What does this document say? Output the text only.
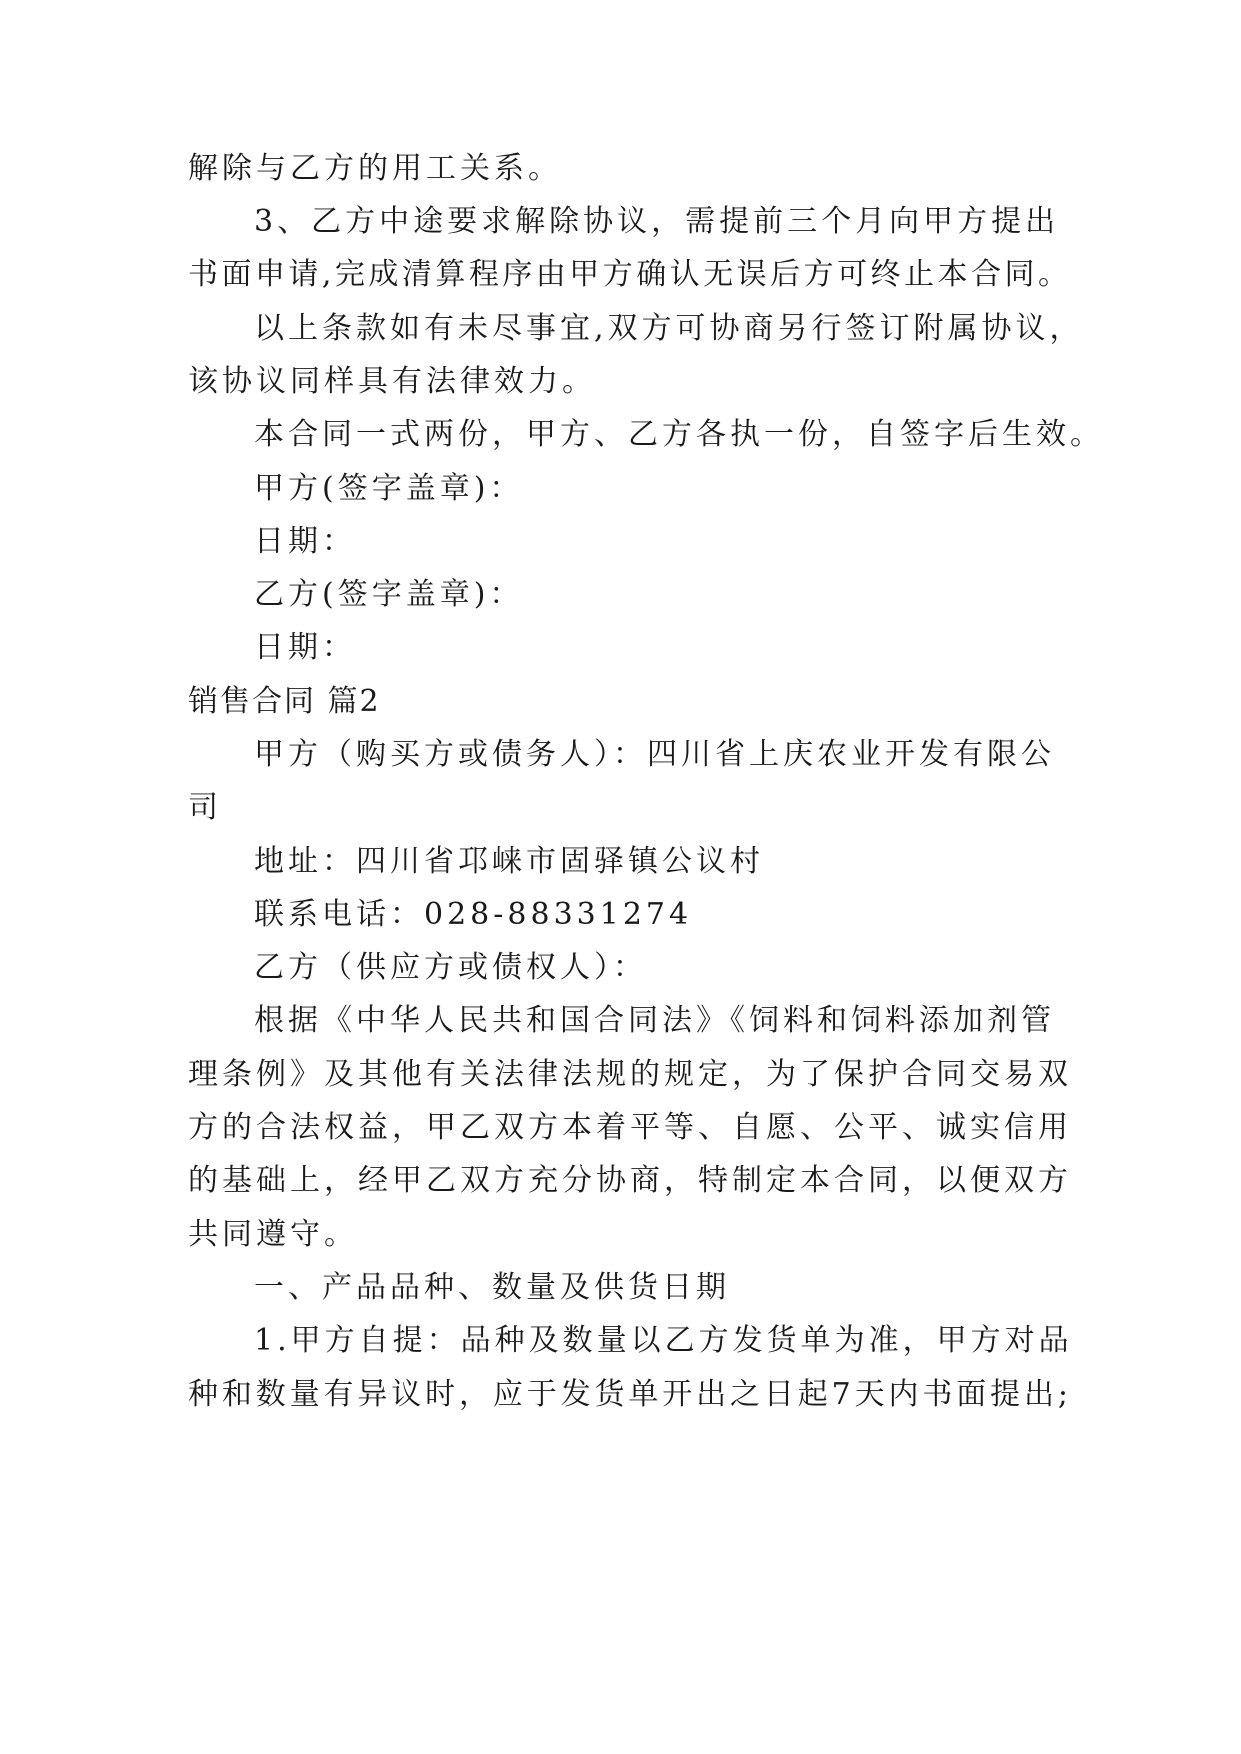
解除与乙方的用工关系。
3、乙方中途要求解除协议，需提前三个月向甲方提出
书面申请,完成清算程序由甲方确认无误后方可终止本合同。
以上条款如有未尽事宜,双方可协商另行签订附属协议，
该协议同样具有法律效力。
本合同一式两份，甲方、乙方各执一份，自签字后生效。
甲方(签字盖章)：
日期：
乙方(签字盖章)：
日期：
销售合同 篇2
甲方（购买方或债务人）：四川省上庆农业开发有限公
司
地址：四川省邛崃市固驿镇公议村
联系电话：028-88331274
乙方（供应方或债权人）：
根据《中华人民共和国合同法》《饲料和饲料添加剂管
理条例》及其他有关法律法规的规定，为了保护合同交易双
方的合法权益，甲乙双方本着平等、自愿、公平、诚实信用
的基础上，经甲乙双方充分协商，特制定本合同，以便双方
共同遵守。
一、产品品种、数量及供货日期
1.甲方自提：品种及数量以乙方发货单为准，甲方对品
种和数量有异议时，应于发货单开出之日起7天内书面提出;
